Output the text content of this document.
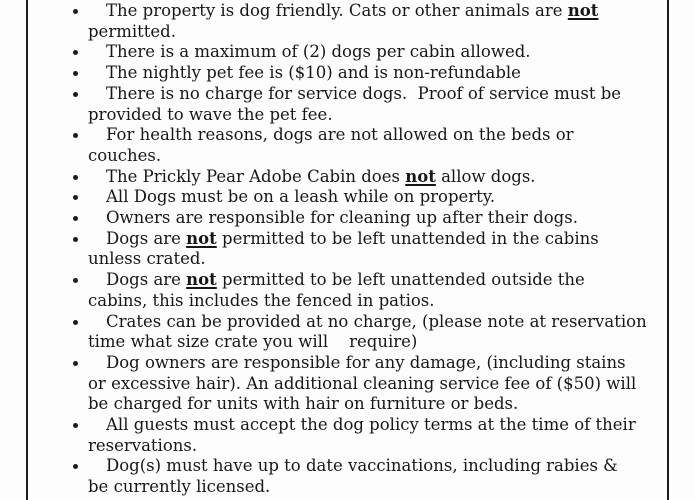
The property is dog friendly. Cats or other animals are not
permitted.
There is a maximum of (2) dogs per cabin allowed.
The nightly pet fee is ($10) and is non-refundable
There is no charge for service dogs.  Proof of service must be
provided to wave the pet fee.
For health reasons, dogs are not allowed on the beds or
couches.
The Prickly Pear Adobe Cabin does not allow dogs.
All Dogs must be on a leash while on property.
Owners are responsible for cleaning up after their dogs.
Dogs are not permitted to be left unattended in the cabins
unless crated.
Dogs are not permitted to be left unattended outside the
cabins, this includes the fenced in patios.
Crates can be provided at no charge, (please note at reservation
time what size crate you will    require)
Dog owners are responsible for any damage, (including stains
or excessive hair). An additional cleaning service fee of ($50) will
be charged for units with hair on furniture or beds.
All guests must accept the dog policy terms at the time of their
reservations.
Dog(s) must have up to date vaccinations, including rabies &
be currently licensed.
